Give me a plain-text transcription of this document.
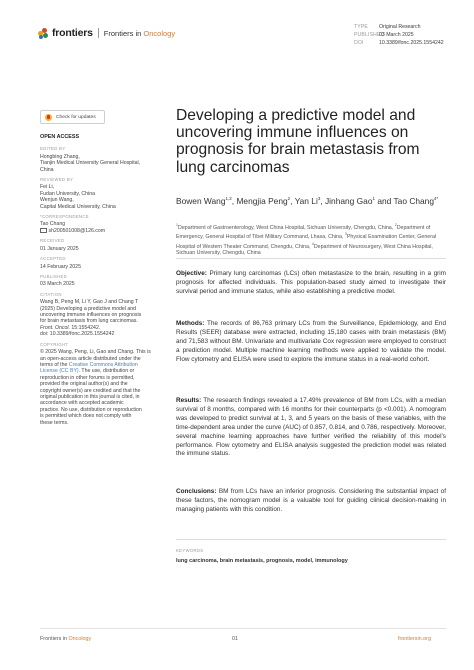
frontiers Frontiers in Oncology
TYPE Original Research
PUBLISHED03 March 2025
DOI	10.3389/fonc.2025.1554242
Check for updates
OPEN ACCESS
EDITED BY
Hongbing Zhang,
Tianjin Medical University General Hospital,
China
REVIEWED BY
Fei Li,
Fudan University, China
Wenjun Wang,
Capital Medical University, China
*CORRESPONDENCE
Tao Chang
sh200501008@126.com
RECEIVED
01 January 2025
ACCEPTED
14 February 2025
PUBLISHED
03 March 2025
CITATION
Wang B, Peng M, Li Y, Gao J and Chang T
(2025) Developing a predictive model and
uncovering immune influences on prognosis
for brain metastasis from lung carcinomas.
Front. Oncol. 15:1554242.
doi: 10.3389/fonc.2025.1554242
COPYRIGHT
© 2025 Wang, Peng, Li, Gao and Chang. This is
an open-access article distributed under the
terms of the Creative Commons Attribution
License (CC BY). The use, distribution or
reproduction in other forums is permitted,
provided the original author(s) and the
copyright owner(s) are credited and that the
original publication in this journal is cited, in
accordance with accepted academic
practice. No use, distribution or reproduction
is permitted which does not comply with
these terms.
Developing a predictive model and uncovering immune influences on prognosis for brain metastasis from lung carcinomas
Bowen Wang$^{1,2}$, Mengjia Peng$^2$, Yan Li$^3$, Jinhang Gao$^1$ and Tao Chang$^{4*}$
$^1$Department of Gastroenterology, West China Hospital, Sichuan University, Chengdu, China, $^2$Department of Emergency, General Hospital of Tibet Military Command, Lhasa, China, $^3$Physical Examination Center, General Hospital of Western Theater Command, Chengdu, China, $^4$Department of Neurosurgery, West China Hospital, Sichuan University, Chengdu, China
Objective: Primary lung carcinomas (LCs) often metastasize to the brain, resulting in a grim prognosis for affected individuals. This population-based study aimed to investigate their survival period and immune status, while also establishing a predictive model.
Methods: The records of 86,763 primary LCs from the Surveillance, Epidemiology, and End Results (SEER) database were extracted, including 15,180 cases with brain metastasis (BM) and 71,583 without BM. Univariate and multivariate Cox regression were employed to construct a prediction model. Multiple machine learning methods were applied to validate the model. Flow cytometry and ELISA were used to explore the immune status in a real-world cohort.
Results: The research findings revealed a 17.49% prevalence of BM from LCs, with a median survival of 8 months, compared with 16 months for their counterparts (p <0.001). A nomogram was developed to predict survival at 1, 3, and 5 years on the basis of these variables, with the time-dependent area under the curve (AUC) of 0.857, 0.814, and 0.786, respectively. Moreover, several machine learning approaches have further verified the reliability of this model’s performance. Flow cytometry and ELISA analysis suggested the prediction model was related the immune status.
Conclusions: BM from LCs have an inferior prognosis. Considering the substantial impact of these factors, the nomogram model is a valuable tool for guiding clinical decision-making in managing patients with this condition.
KEYWORDS
lung carcinoma, brain metastasis, prognosis, model, immunology
Frontiers in Oncology	01	frontiersin.org
